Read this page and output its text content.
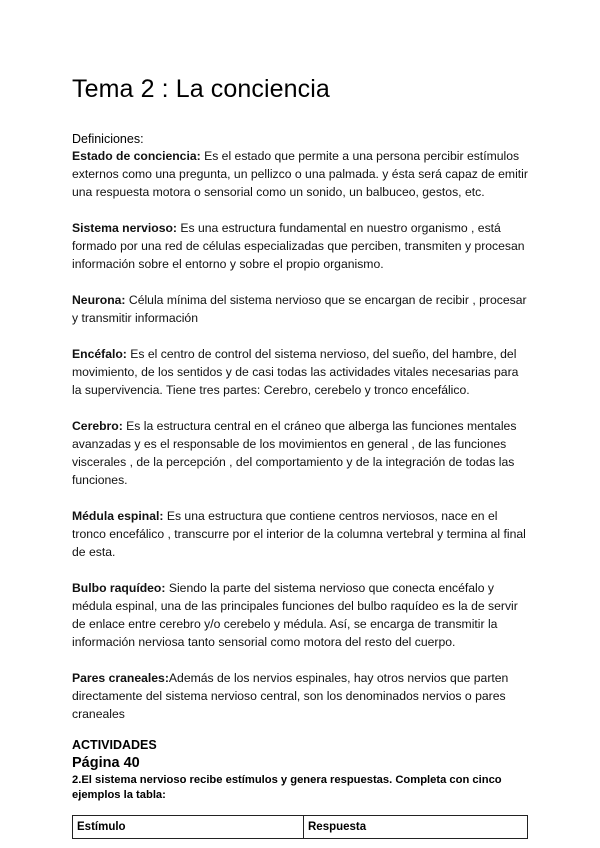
Tema 2 : La conciencia

Definiciones:

Estado de conciencia: Es el estado que permite a una persona percibir estímulos externos como una pregunta, un pellizco o una palmada. y ésta será capaz de emitir una respuesta motora o sensorial como un sonido, un balbuceo, gestos, etc.

Sistema nervioso: Es una estructura fundamental en nuestro organismo , está formado por una red de células especializadas que perciben, transmiten y procesan información sobre el entorno y sobre el propio organismo.

Neurona: Célula mínima del sistema nervioso que se encargan de recibir , procesar y transmitir información

Encéfalo: Es el centro de control del sistema nervioso, del sueño, del hambre, del movimiento, de los sentidos y de casi todas las actividades vitales necesarias para la supervivencia. Tiene tres partes: Cerebro, cerebelo y tronco encefálico.

Cerebro: Es la estructura central en el cráneo que alberga las funciones mentales avanzadas y es el responsable de los movimientos en general , de las funciones viscerales , de la percepción , del comportamiento y de la integración de todas las funciones.

Médula espinal: Es una estructura que contiene centros nerviosos, nace en el tronco encefálico , transcurre por el interior de la columna vertebral y termina al final de esta.

Bulbo raquídeo: Siendo la parte del sistema nervioso que conecta encéfalo y médula espinal, una de las principales funciones del bulbo raquídeo es la de servir de enlace entre cerebro y/o cerebelo y médula. Así, se encarga de transmitir la información nerviosa tanto sensorial como motora del resto del cuerpo.

Pares craneales:Además de los nervios espinales, hay otros nervios que parten directamente del sistema nervioso central, son los denominados nervios o pares craneales

ACTIVIDADES

Página 40

2.El sistema nervioso recibe estímulos y genera respuestas. Completa con cinco ejemplos la tabla:

Estímulo	Respuesta
